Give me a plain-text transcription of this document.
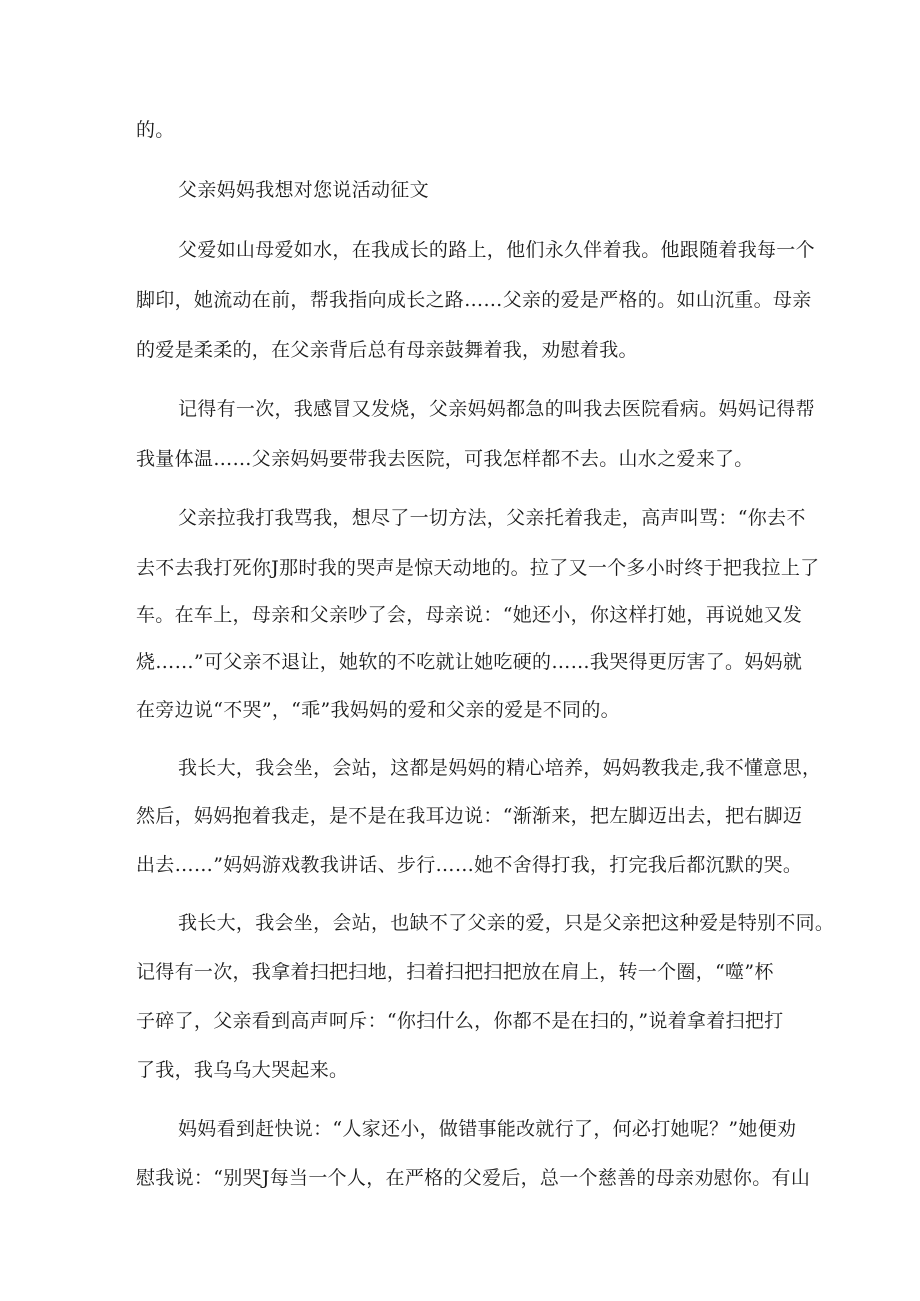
的。
父亲妈妈我想对您说活动征文
父爱如山母爱如水，在我成长的路上，他们永久伴着我。他跟随着我每一个
脚印，她流动在前，帮我指向成长之路……父亲的爱是严格的。如山沉重。母亲
的爱是柔柔的，在父亲背后总有母亲鼓舞着我，劝慰着我。
记得有一次，我感冒又发烧，父亲妈妈都急的叫我去医院看病。妈妈记得帮
我量体温……父亲妈妈要带我去医院，可我怎样都不去。山水之爱来了。
父亲拉我打我骂我，想尽了一切方法，父亲托着我走，高声叫骂：“你去不
去不去我打死你J那时我的哭声是惊天动地的。拉了又一个多小时终于把我拉上了
车。在车上，母亲和父亲吵了会，母亲说：“她还小，你这样打她，再说她又发
烧……”可父亲不退让，她软的不吃就让她吃硬的……我哭得更厉害了。妈妈就
在旁边说“不哭”，“乖”我妈妈的爱和父亲的爱是不同的。
我长大，我会坐，会站，这都是妈妈的精心培养，妈妈教我走,我不懂意思，
然后，妈妈抱着我走，是不是在我耳边说：“渐渐来，把左脚迈出去，把右脚迈
出去……”妈妈游戏教我讲话、步行……她不舍得打我，打完我后都沉默的哭。
我长大，我会坐，会站，也缺不了父亲的爱，只是父亲把这种爱是特别不同。
记得有一次，我拿着扫把扫地，扫着扫把扫把放在肩上，转一个圈，“噬”杯
子碎了，父亲看到高声呵斥：“你扫什么，你都不是在扫的，”说着拿着扫把打
了我，我乌乌大哭起来。
妈妈看到赶快说：“人家还小，做错事能改就行了，何必打她呢？”她便劝
慰我说：“别哭J每当一个人，在严格的父爱后，总一个慈善的母亲劝慰你。有山
